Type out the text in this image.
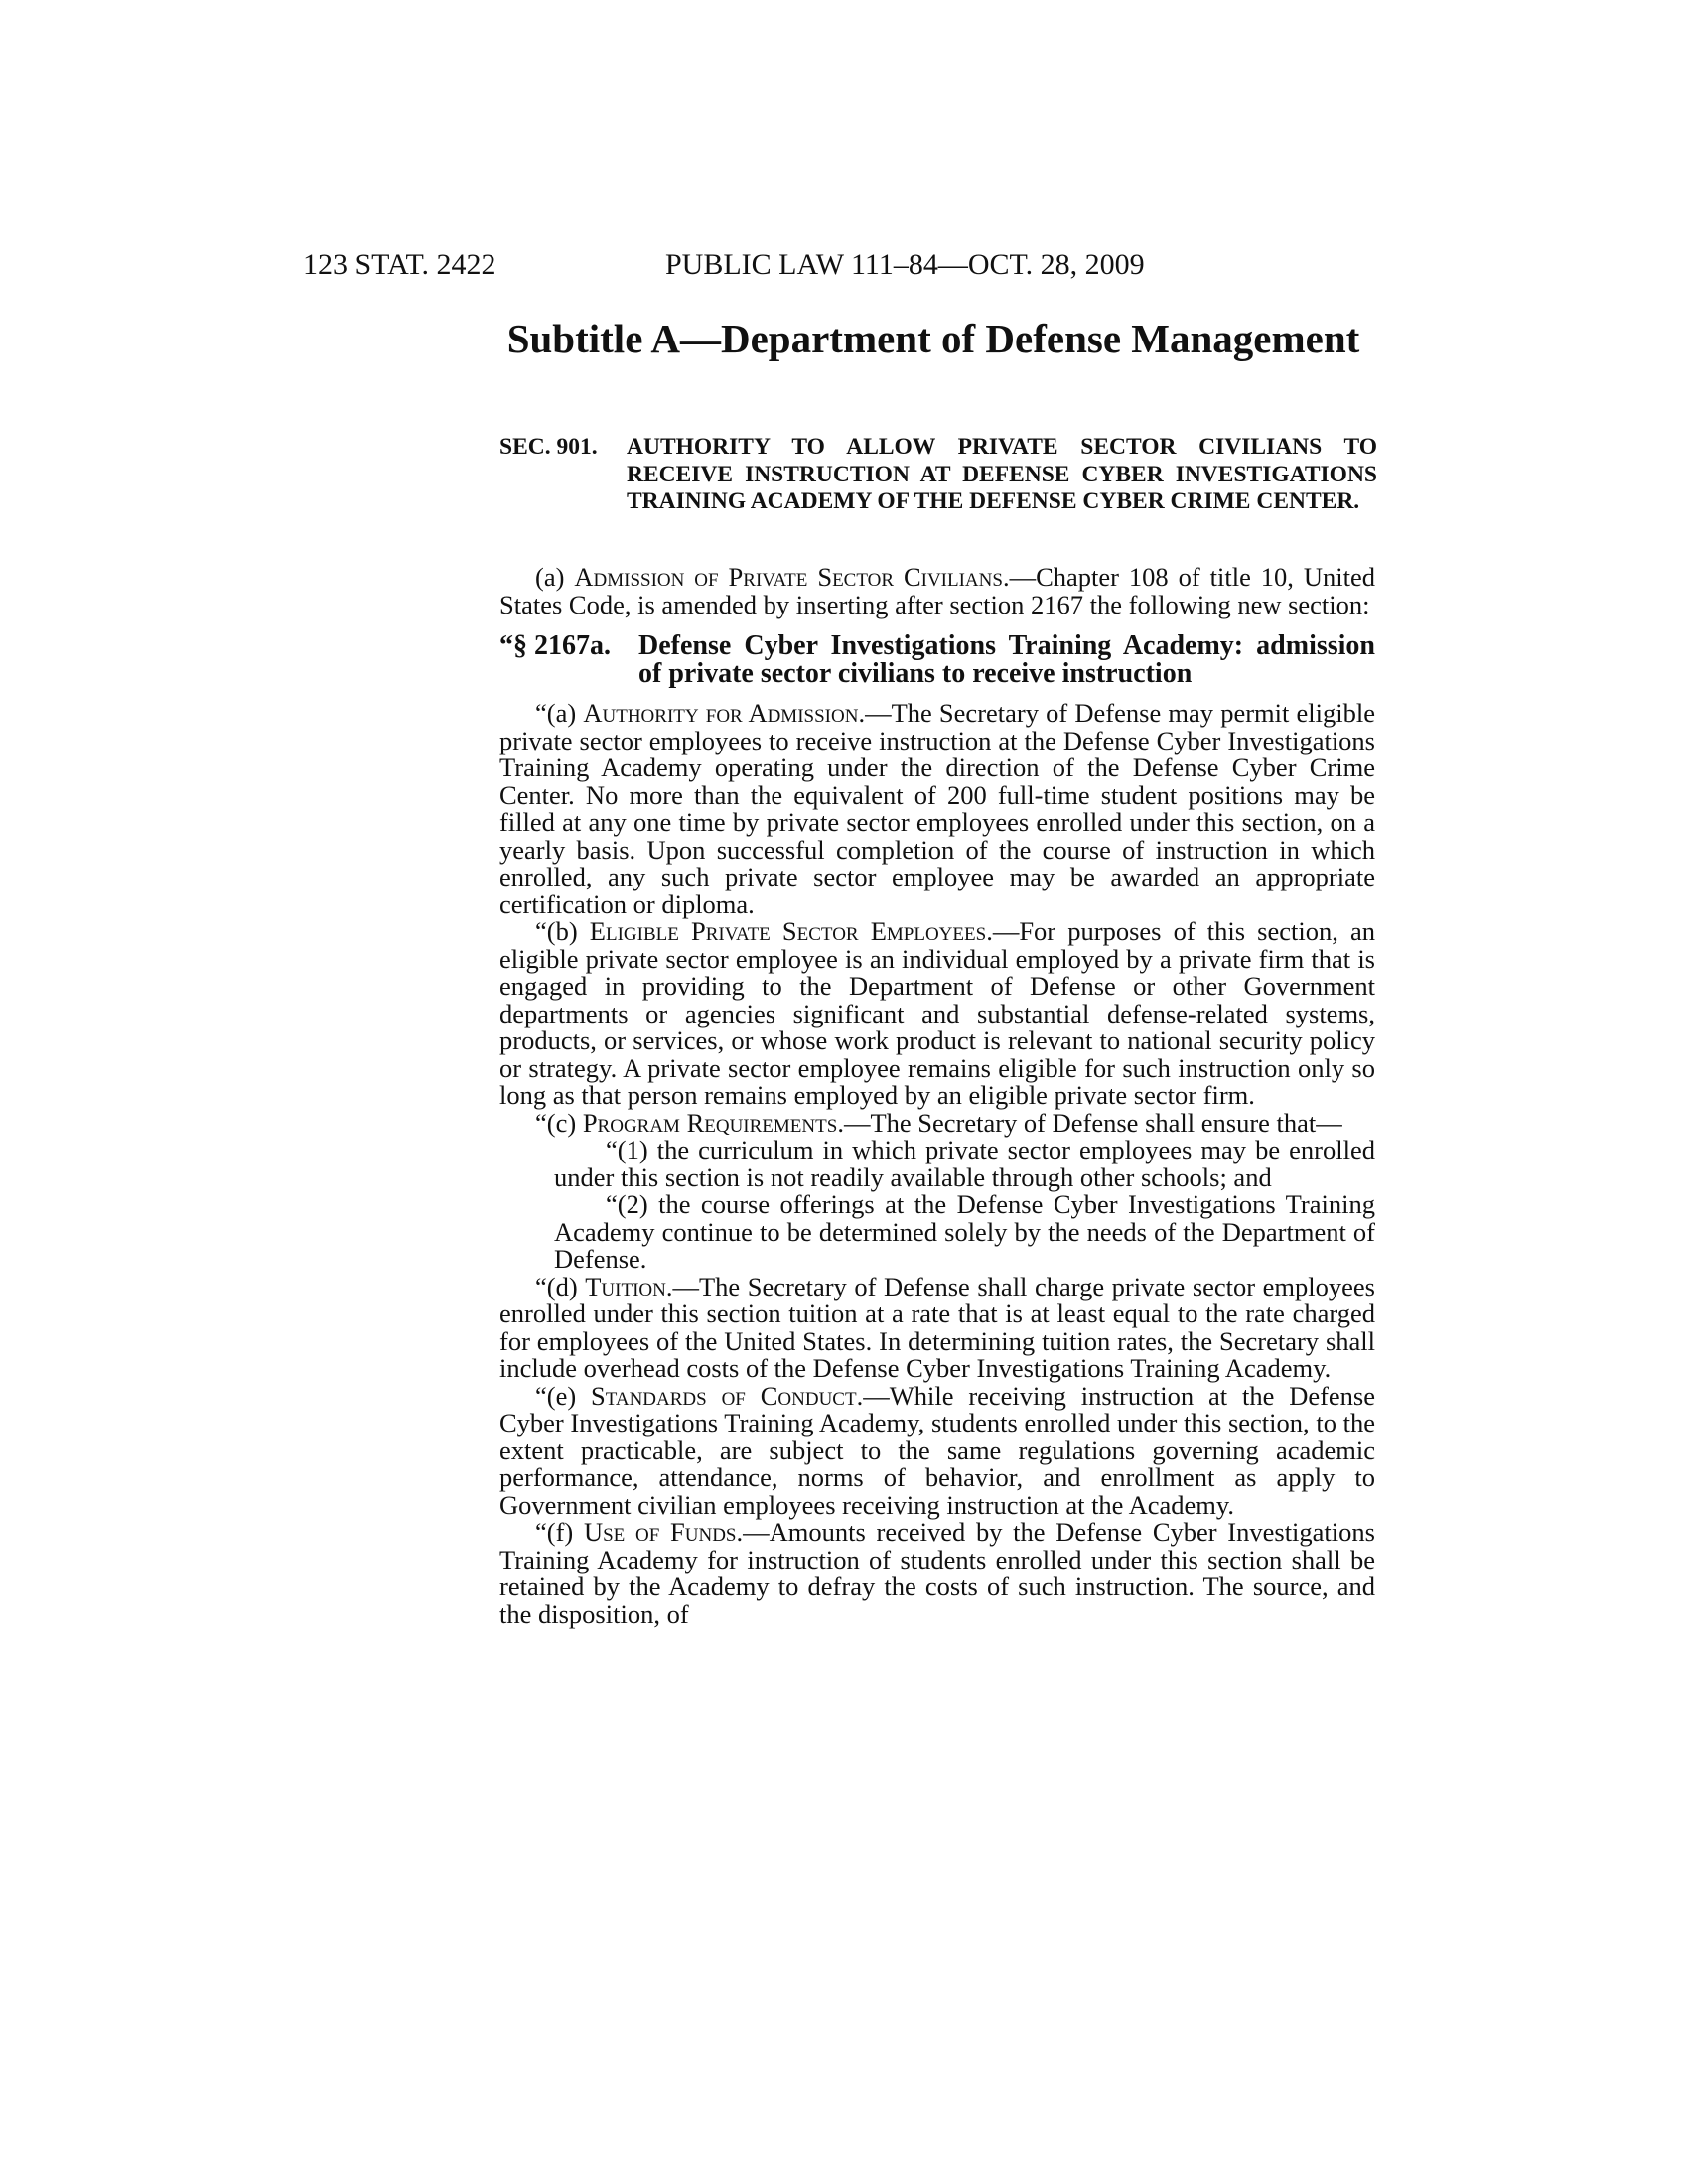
123 STAT. 2422	PUBLIC LAW 111–84—OCT. 28, 2009
Subtitle A—Department of Defense Management
SEC. 901. AUTHORITY TO ALLOW PRIVATE SECTOR CIVILIANS TO RECEIVE INSTRUCTION AT DEFENSE CYBER INVESTIGATIONS TRAINING ACADEMY OF THE DEFENSE CYBER CRIME CENTER.

(a) Admission of Private Sector Civilians.—Chapter 108 of title 10, United States Code, is amended by inserting after section 2167 the following new section:

“§ 2167a.	Defense Cyber Investigations Training Academy: admission of private sector civilians to receive instruction

“(a) Authority for Admission.—The Secretary of Defense may permit eligible private sector employees to receive instruction at the Defense Cyber Investigations Training Academy operating under the direction of the Defense Cyber Crime Center. No more than the equivalent of 200 full-time student positions may be filled at any one time by private sector employees enrolled under this section, on a yearly basis. Upon successful completion of the course of instruction in which enrolled, any such private sector employee may be awarded an appropriate certification or diploma.

“(b) Eligible Private Sector Employees.—For purposes of this section, an eligible private sector employee is an individual employed by a private firm that is engaged in providing to the Department of Defense or other Government departments or agencies significant and substantial defense-related systems, products, or services, or whose work product is relevant to national security policy or strategy. A private sector employee remains eligible for such instruction only so long as that person remains employed by an eligible private sector firm.

“(c) Program Requirements.—The Secretary of Defense shall ensure that—

“(1) the curriculum in which private sector employees may be enrolled under this section is not readily available through other schools; and

“(2) the course offerings at the Defense Cyber Investigations Training Academy continue to be determined solely by the needs of the Department of Defense.

“(d) Tuition.—The Secretary of Defense shall charge private sector employees enrolled under this section tuition at a rate that is at least equal to the rate charged for employees of the United States. In determining tuition rates, the Secretary shall include overhead costs of the Defense Cyber Investigations Training Academy.

“(e) Standards of Conduct.—While receiving instruction at the Defense Cyber Investigations Training Academy, students enrolled under this section, to the extent practicable, are subject to the same regulations governing academic performance, attendance, norms of behavior, and enrollment as apply to Government civilian employees receiving instruction at the Academy.

“(f) Use of Funds.—Amounts received by the Defense Cyber Investigations Training Academy for instruction of students enrolled under this section shall be retained by the Academy to defray the costs of such instruction. The source, and the disposition, of
